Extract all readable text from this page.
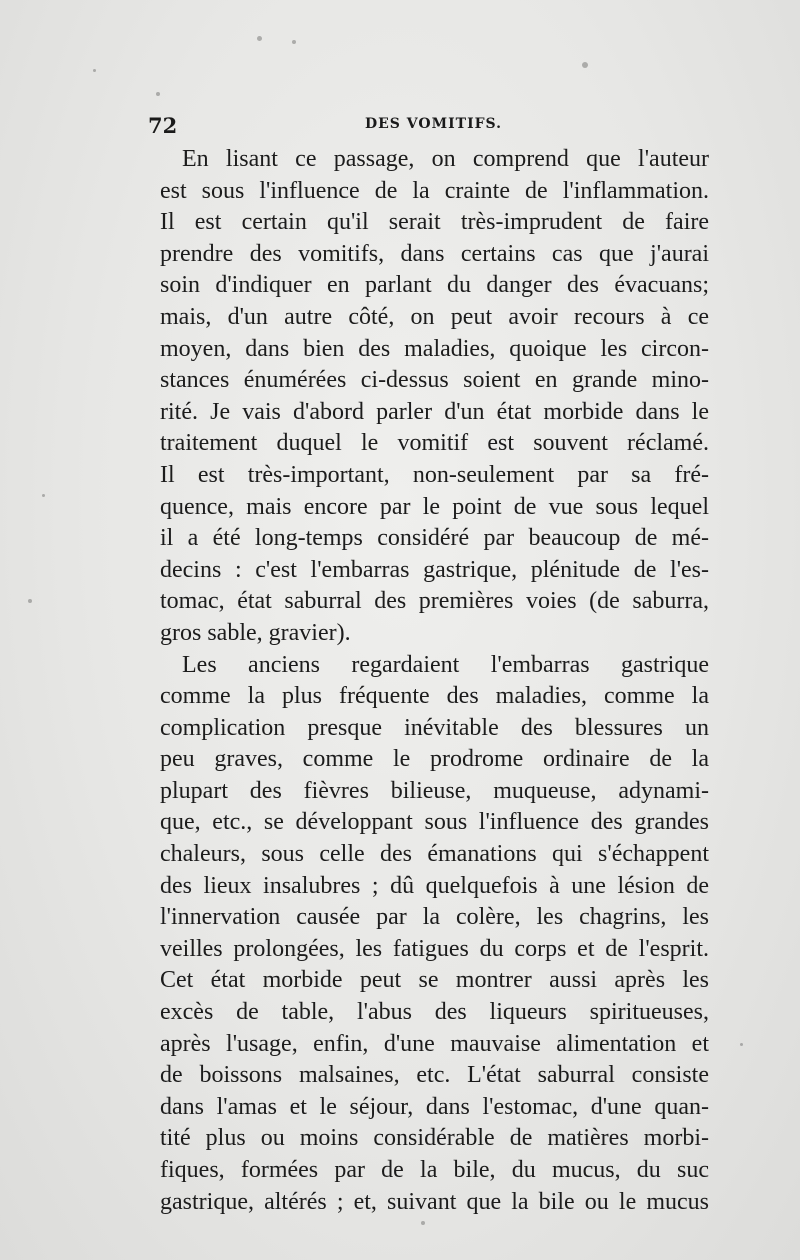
72	DES VOMITIFS.
En lisant ce passage, on comprend que l'auteur
est sous l'influence de la crainte de l'inflammation.
Il est certain qu'il serait très-imprudent de faire
prendre des vomitifs, dans certains cas que j'aurai
soin d'indiquer en parlant du danger des évacuans;
mais, d'un autre côté, on peut avoir recours à ce
moyen, dans bien des maladies, quoique les circon-
stances énumérées ci-dessus soient en grande mino-
rité. Je vais d'abord parler d'un état morbide dans le
traitement duquel le vomitif est souvent réclamé.
Il est très-important, non-seulement par sa fré-
quence, mais encore par le point de vue sous lequel
il a été long-temps considéré par beaucoup de mé-
decins : c'est l'embarras gastrique, plénitude de l'es-
tomac, état saburral des premières voies (de saburra,
gros sable, gravier).
Les anciens regardaient l'embarras gastrique
comme la plus fréquente des maladies, comme la
complication presque inévitable des blessures un
peu graves, comme le prodrome ordinaire de la
plupart des fièvres bilieuse, muqueuse, adynami-
que, etc., se développant sous l'influence des grandes
chaleurs, sous celle des émanations qui s'échappent
des lieux insalubres ; dû quelquefois à une lésion de
l'innervation causée par la colère, les chagrins, les
veilles prolongées, les fatigues du corps et de l'esprit.
Cet état morbide peut se montrer aussi après les
excès de table, l'abus des liqueurs spiritueuses,
après l'usage, enfin, d'une mauvaise alimentation et
de boissons malsaines, etc. L'état saburral consiste
dans l'amas et le séjour, dans l'estomac, d'une quan-
tité plus ou moins considérable de matières morbi-
fiques, formées par de la bile, du mucus, du suc
gastrique, altérés ; et, suivant que la bile ou le mucus
